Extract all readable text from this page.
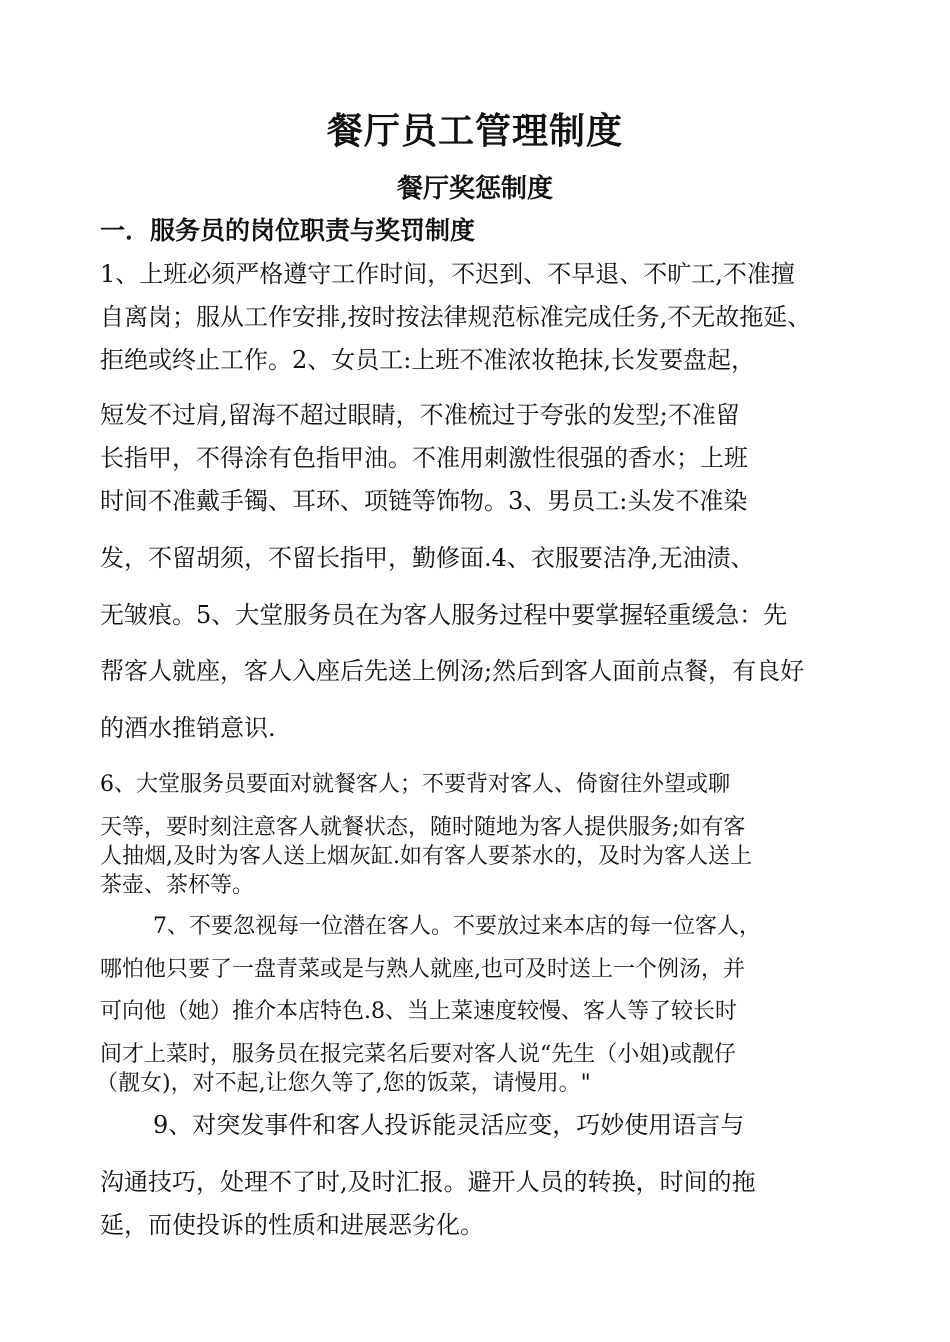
餐厅员工管理制度
餐厅奖惩制度
一．服务员的岗位职责与奖罚制度
1、上班必须严格遵守工作时间，不迟到、不早退、不旷工,不准擅
自离岗；服从工作安排,按时按法律规范标准完成任务,不无故拖延、
拒绝或终止工作。2、女员工:上班不准浓妆艳抹,长发要盘起，
短发不过肩,留海不超过眼睛，不准梳过于夸张的发型;不准留
长指甲，不得涂有色指甲油。不准用刺激性很强的香水；上班
时间不准戴手镯、耳环、项链等饰物。3、男员工:头发不准染
发，不留胡须，不留长指甲，勤修面.4、衣服要洁净,无油渍、
无皱痕。5、大堂服务员在为客人服务过程中要掌握轻重缓急：先
帮客人就座，客人入座后先送上例汤;然后到客人面前点餐，有良好
的酒水推销意识.
6、大堂服务员要面对就餐客人；不要背对客人、倚窗往外望或聊
天等，要时刻注意客人就餐状态，随时随地为客人提供服务;如有客
人抽烟,及时为客人送上烟灰缸.如有客人要茶水的，及时为客人送上
茶壶、茶杯等。
7、不要忽视每一位潜在客人。不要放过来本店的每一位客人，
哪怕他只要了一盘青菜或是与熟人就座,也可及时送上一个例汤，并
可向他（她）推介本店特色.8、当上菜速度较慢、客人等了较长时
间才上菜时，服务员在报完菜名后要对客人说“先生（小姐)或靓仔
（靓女)，对不起,让您久等了,您的饭菜，请慢用。"
9、对突发事件和客人投诉能灵活应变，巧妙使用语言与
沟通技巧，处理不了时,及时汇报。避开人员的转换，时间的拖
延，而使投诉的性质和进展恶劣化。
